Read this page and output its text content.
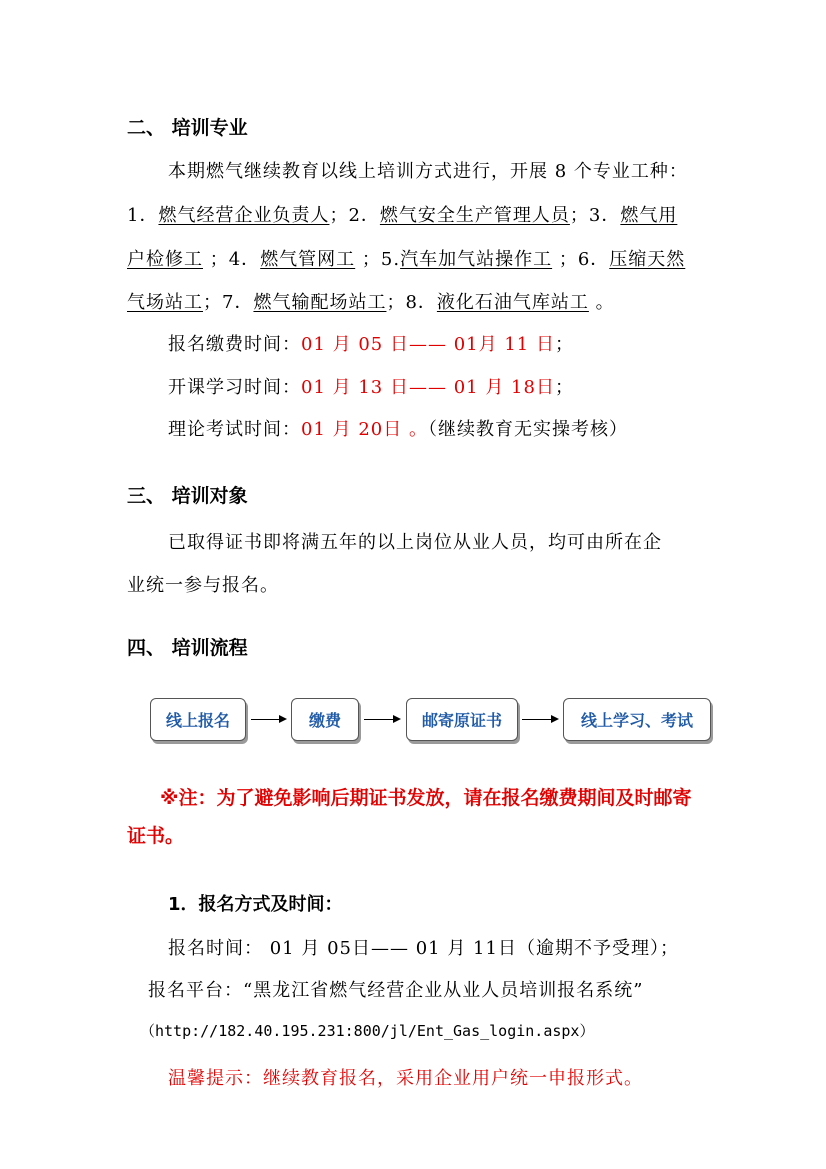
二、 培训专业
本期燃气继续教育以线上培训方式进行，开展 8 个专业工种：
1．燃气经营企业负责人；2．燃气安全生产管理人员；3．燃气用
户检修工 ；4．燃气管网工 ；5.汽车加气站操作工 ；6．压缩天然
气场站工；7．燃气输配场站工；8．液化石油气库站工 。
报名缴费时间：01 月 05 日—— 01月 11 日；
开课学习时间：01 月 13 日—— 01 月 18日；
理论考试时间：01 月 20日 。（继续教育无实操考核）
三、 培训对象
已取得证书即将满五年的以上岗位从业人员，均可由所在企
业统一参与报名。
四、 培训流程
线上报名	缴费	邮寄原证书	线上学习、考试
※注：为了避免影响后期证书发放，请在报名缴费期间及时邮寄
证书。
1．报名方式及时间：
报名时间： 01 月 05日—— 01 月 11日（逾期不予受理）；
报名平台：“黑龙江省燃气经营企业从业人员培训报名系统”
（http://182.40.195.231:800/jl/Ent_Gas_login.aspx）
温馨提示：继续教育报名，采用企业用户统一申报形式。
